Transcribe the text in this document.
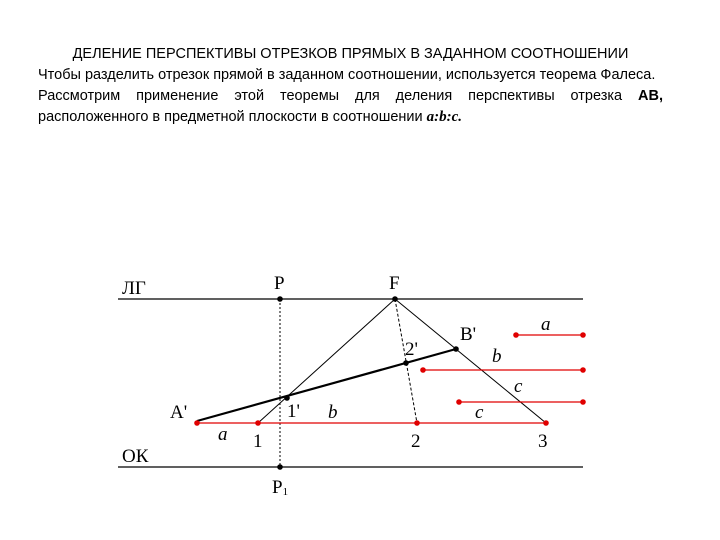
ДЕЛЕНИЕ ПЕРСПЕКТИВЫ ОТРЕЗКОВ ПРЯМЫХ В ЗАДАННОМ СООТНОШЕНИИ
Чтобы разделить отрезок прямой в заданном соотношении, используется теорема Фалеса.
Рассмотрим применение этой теоремы для деления перспективы отрезка АВ, расположенного в предметной плоскости в соотношении a:b:c.
ЛГ
ОК
P	F
P1
A'
B'
1'
2'
1	2	3
a
b	c
a
b
c
